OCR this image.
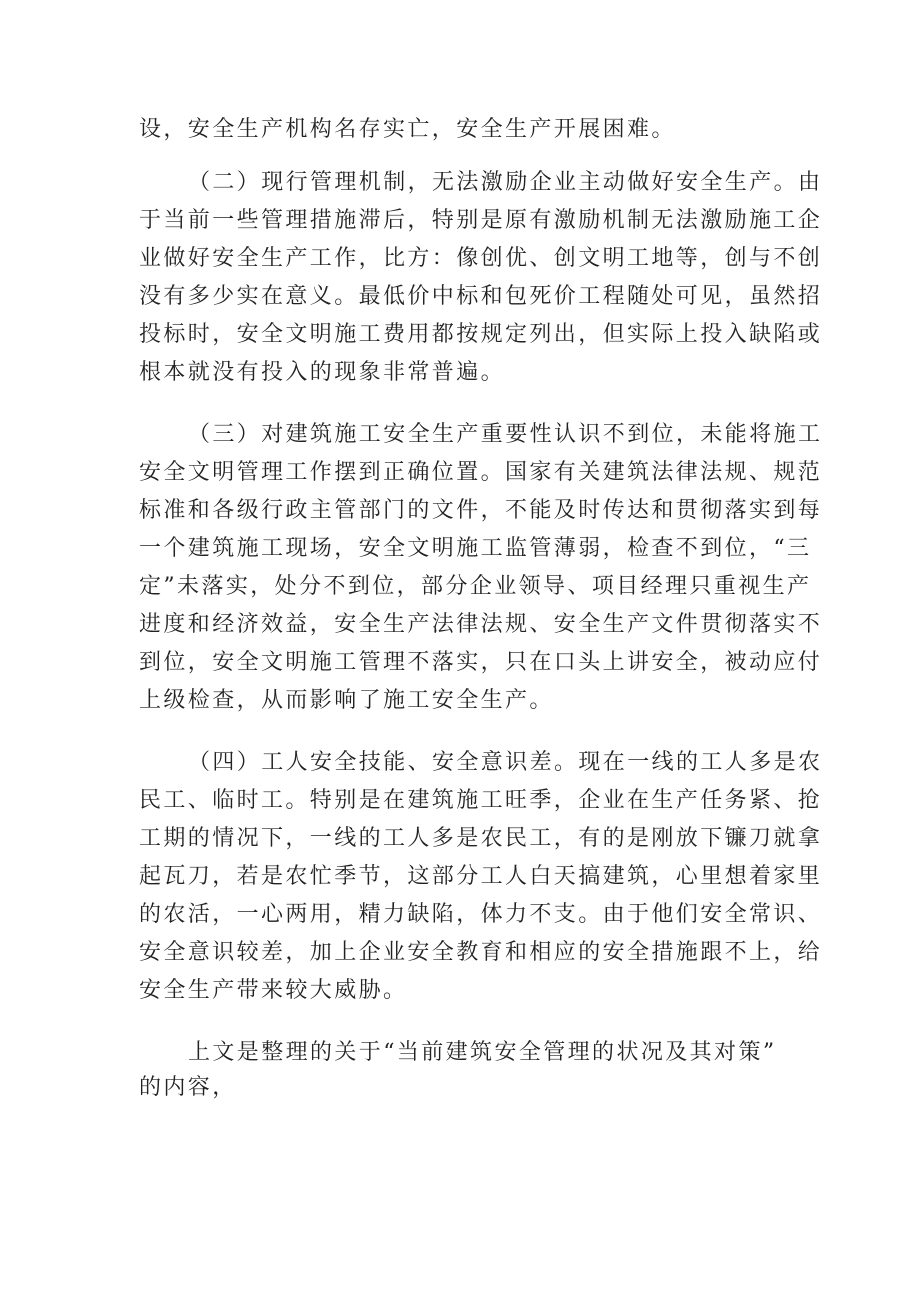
设，安全生产机构名存实亡，安全生产开展困难。
（二）现行管理机制，无法激励企业主动做好安全生产。由
于当前一些管理措施滞后，特别是原有激励机制无法激励施工企
业做好安全生产工作，比方：像创优、创文明工地等，创与不创
没有多少实在意义。最低价中标和包死价工程随处可见，虽然招
投标时，安全文明施工费用都按规定列出，但实际上投入缺陷或
根本就没有投入的现象非常普遍。
（三）对建筑施工安全生产重要性认识不到位，未能将施工
安全文明管理工作摆到正确位置。国家有关建筑法律法规、规范
标准和各级行政主管部门的文件，不能及时传达和贯彻落实到每
一个建筑施工现场，安全文明施工监管薄弱，检查不到位，“三
定”未落实，处分不到位，部分企业领导、项目经理只重视生产
进度和经济效益，安全生产法律法规、安全生产文件贯彻落实不
到位，安全文明施工管理不落实，只在口头上讲安全，被动应付
上级检查，从而影响了施工安全生产。
（四）工人安全技能、安全意识差。现在一线的工人多是农
民工、临时工。特别是在建筑施工旺季，企业在生产任务紧、抢
工期的情况下，一线的工人多是农民工，有的是刚放下镰刀就拿
起瓦刀，若是农忙季节，这部分工人白天搞建筑，心里想着家里
的农活，一心两用，精力缺陷，体力不支。由于他们安全常识、
安全意识较差，加上企业安全教育和相应的安全措施跟不上，给
安全生产带来较大威胁。
上文是整理的关于“当前建筑安全管理的状况及其对策”
的内容，
